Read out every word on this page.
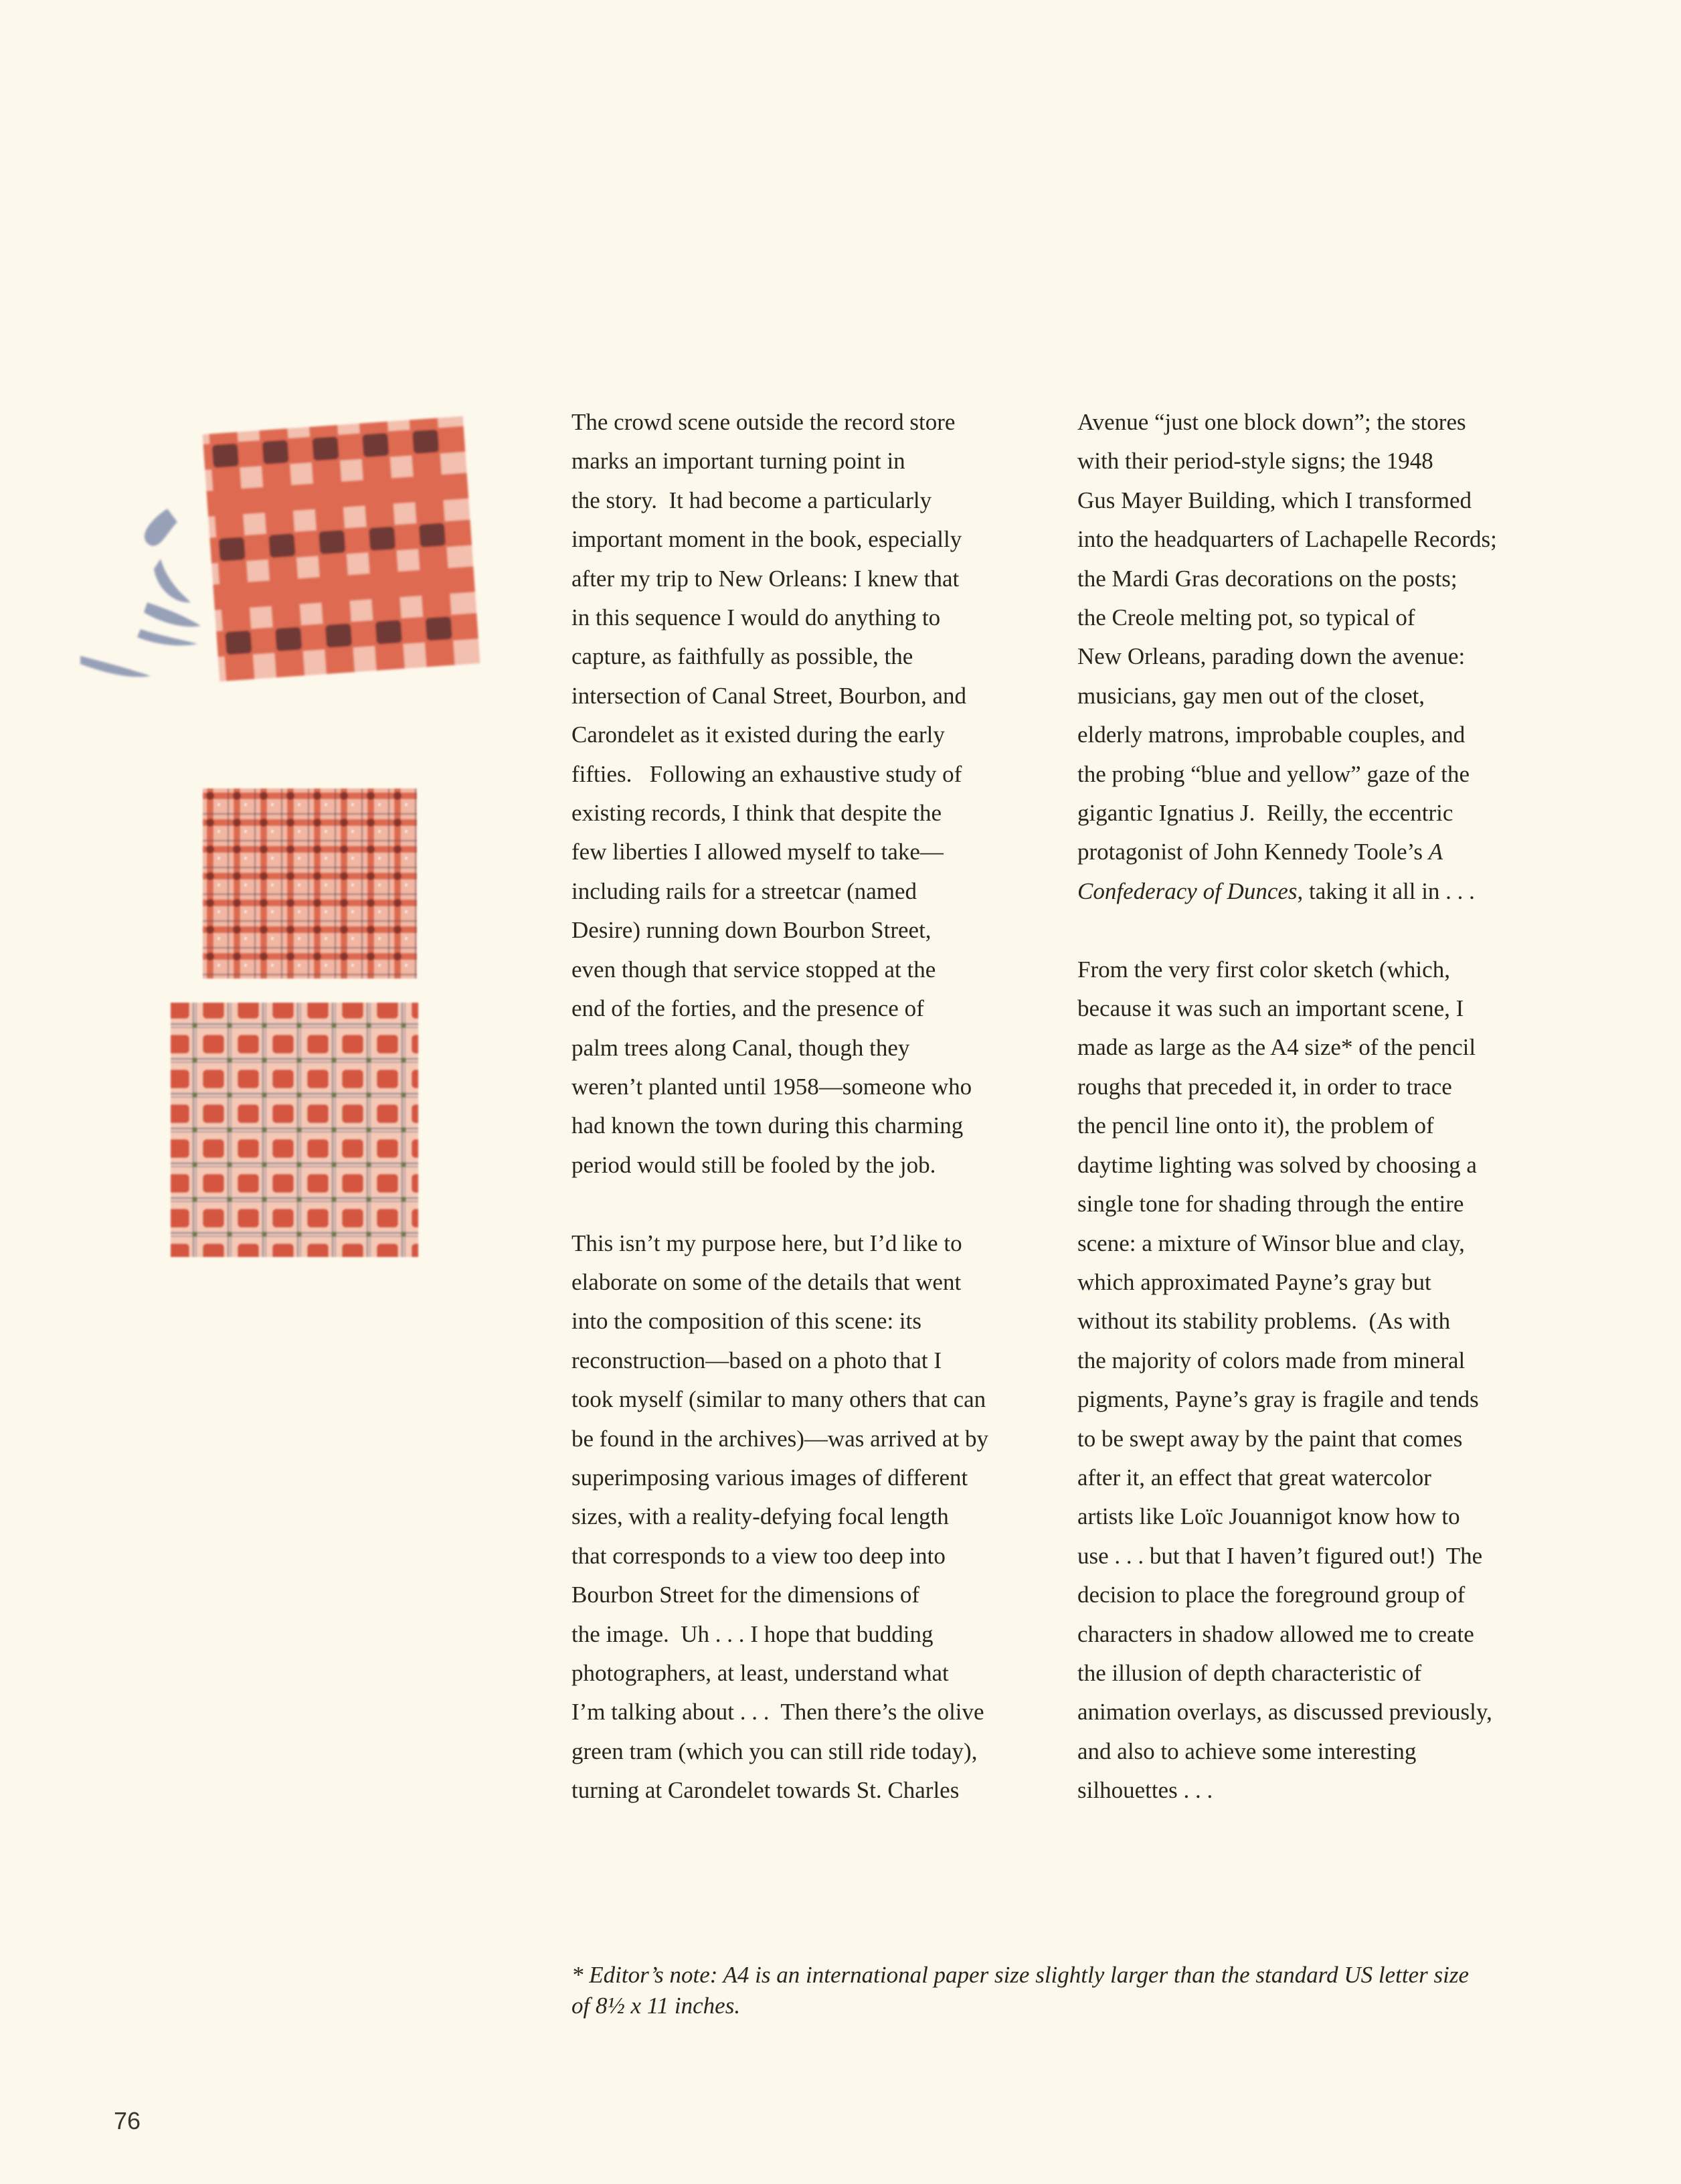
The crowd scene outside the record store
marks an important turning point in
the story.  It had become a particularly
important moment in the book, especially
after my trip to New Orleans: I knew that
in this sequence I would do anything to
capture, as faithfully as possible, the
intersection of Canal Street, Bourbon, and
Carondelet as it existed during the early
fifties.   Following an exhaustive study of
existing records, I think that despite the
few liberties I allowed myself to take—
including rails for a streetcar (named
Desire) running down Bourbon Street,
even though that service stopped at the
end of the forties, and the presence of
palm trees along Canal, though they
weren’t planted until 1958—someone who
had known the town during this charming
period would still be fooled by the job.

This isn’t my purpose here, but I’d like to
elaborate on some of the details that went
into the composition of this scene: its
reconstruction—based on a photo that I
took myself (similar to many others that can
be found in the archives)—was arrived at by
superimposing various images of different
sizes, with a reality-defying focal length
that corresponds to a view too deep into
Bourbon Street for the dimensions of
the image.  Uh . . . I hope that budding
photographers, at least, understand what
I’m talking about . . .  Then there’s the olive
green tram (which you can still ride today),
turning at Carondelet towards St. Charles

Avenue “just one block down”; the stores
with their period-style signs; the 1948
Gus Mayer Building, which I transformed
into the headquarters of Lachapelle Records;
the Mardi Gras decorations on the posts;
the Creole melting pot, so typical of
New Orleans, parading down the avenue:
musicians, gay men out of the closet,
elderly matrons, improbable couples, and
the probing “blue and yellow” gaze of the
gigantic Ignatius J.  Reilly, the eccentric
protagonist of John Kennedy Toole’s A
Confederacy of Dunces, taking it all in . . .

From the very first color sketch (which,
because it was such an important scene, I
made as large as the A4 size* of the pencil
roughs that preceded it, in order to trace
the pencil line onto it), the problem of
daytime lighting was solved by choosing a
single tone for shading through the entire
scene: a mixture of Winsor blue and clay,
which approximated Payne’s gray but
without its stability problems.  (As with
the majority of colors made from mineral
pigments, Payne’s gray is fragile and tends
to be swept away by the paint that comes
after it, an effect that great watercolor
artists like Loïc Jouannigot know how to
use . . . but that I haven’t figured out!)  The
decision to place the foreground group of
characters in shadow allowed me to create
the illusion of depth characteristic of
animation overlays, as discussed previously,
and also to achieve some interesting
silhouettes . . .

* Editor’s note: A4 is an international paper size slightly larger than the standard US letter size
of 8½ x 11 inches.
76
